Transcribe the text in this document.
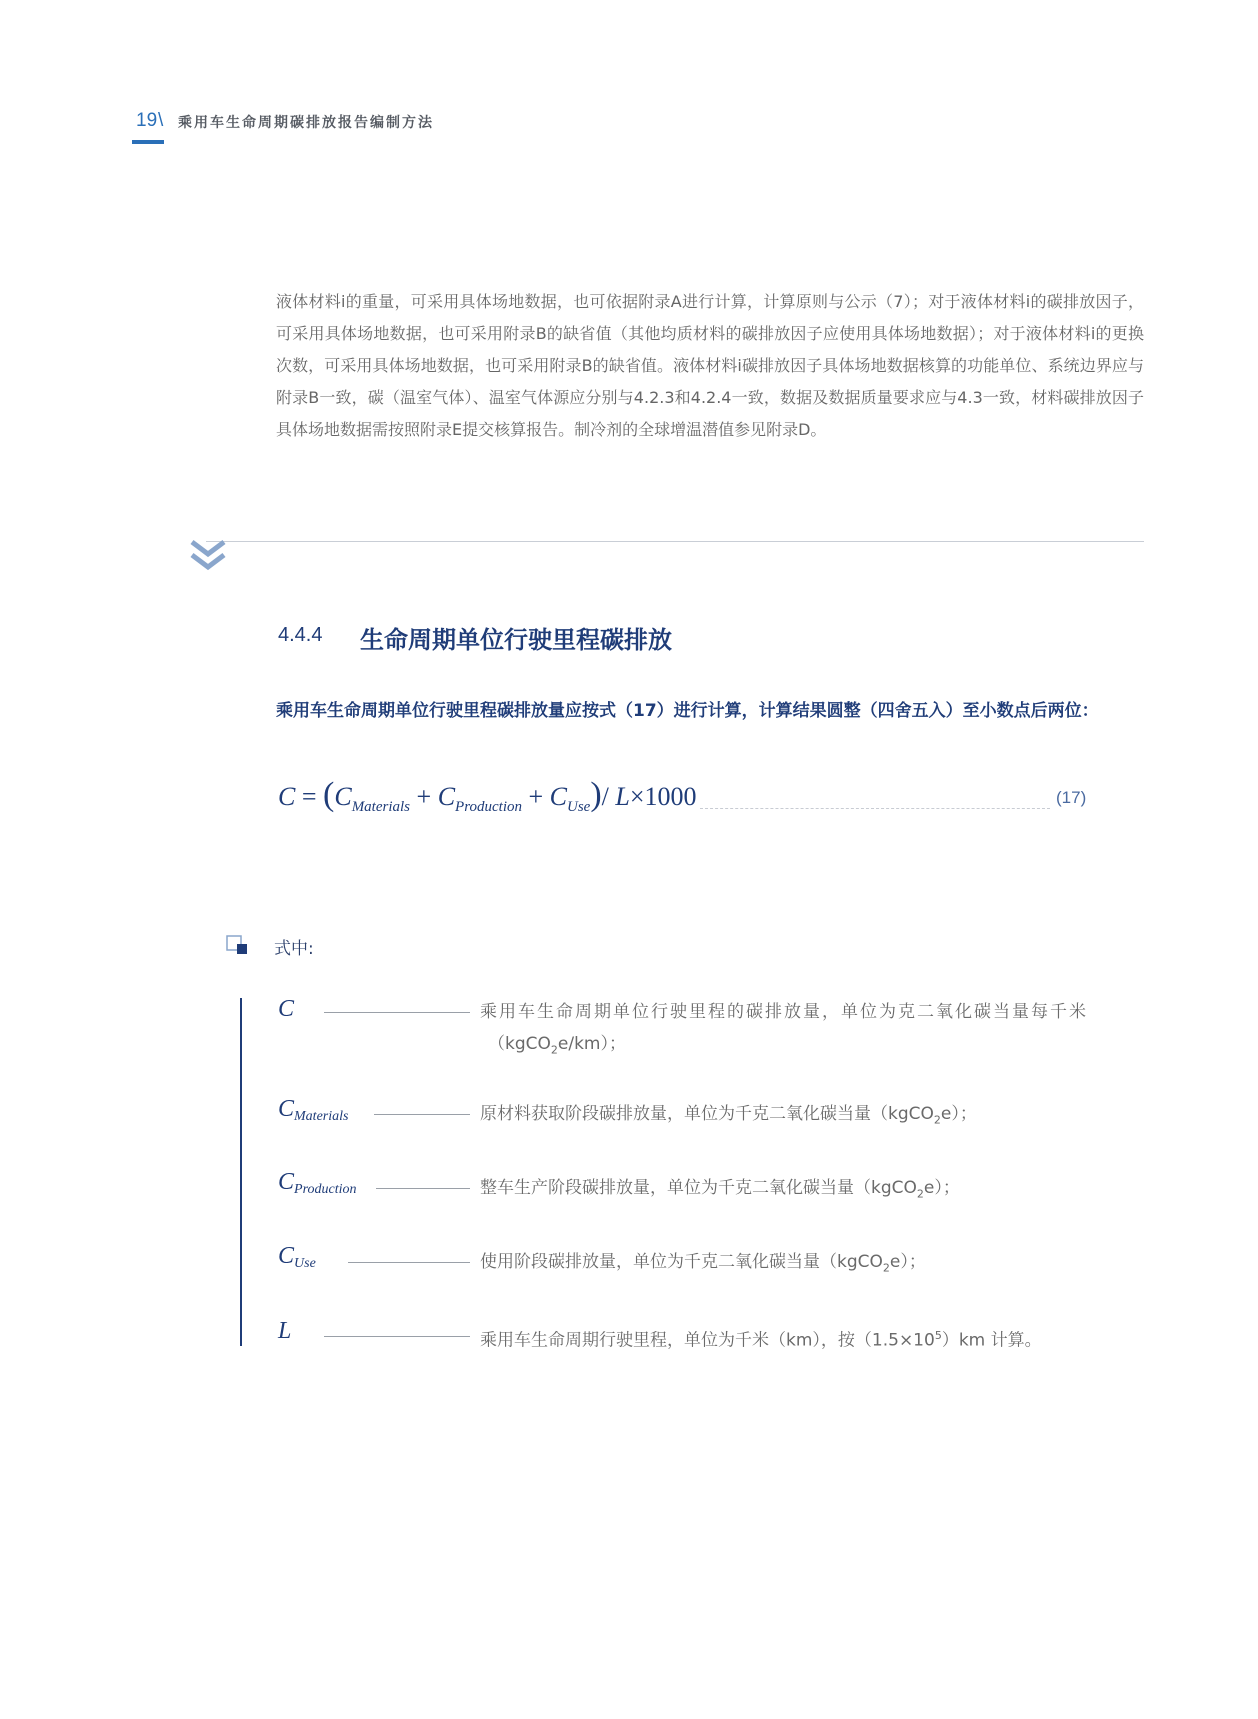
19 \ 乘用车生命周期碳排放报告编制方法
液体材料i的重量，可采用具体场地数据，也可依据附录A进行计算，计算原则与公示（7）；对于液体材料i的碳排放因子，可采用具体场地数据，也可采用附录B的缺省值（其他均质材料的碳排放因子应使用具体场地数据）；对于液体材料i的更换次数，可采用具体场地数据，也可采用附录B的缺省值。液体材料i碳排放因子具体场地数据核算的功能单位、系统边界应与附录B一致，碳（温室气体）、温室气体源应分别与4.2.3和4.2.4一致，数据及数据质量要求应与4.3一致，材料碳排放因子具体场地数据需按照附录E提交核算报告。制冷剂的全球增温潜值参见附录D。
4.4.4 生命周期单位行驶里程碳排放
乘用车生命周期单位行驶里程碳排放量应按式（17）进行计算，计算结果圆整（四舍五入）至小数点后两位：
$C = (C_{Materials} + C_{Production} + C_{Use})/$ L×1000	(17)
式中:
C	乘用车生命周期单位行驶里程的碳排放量，单位为克二氧化碳当量每千米
（kgCO$_2$e/km）；
$C_{Materials}$	原材料获取阶段碳排放量，单位为千克二氧化碳当量（kgCO$_2$e）；
$C_{Production}$	整车生产阶段碳排放量，单位为千克二氧化碳当量（kgCO$_2$e）；
$C_{Use}$	使用阶段碳排放量，单位为千克二氧化碳当量（kgCO$_2$e）；
L	乘用车生命周期行驶里程，单位为千米（km），按$(1.5\times 10^5)km$ 计算。
